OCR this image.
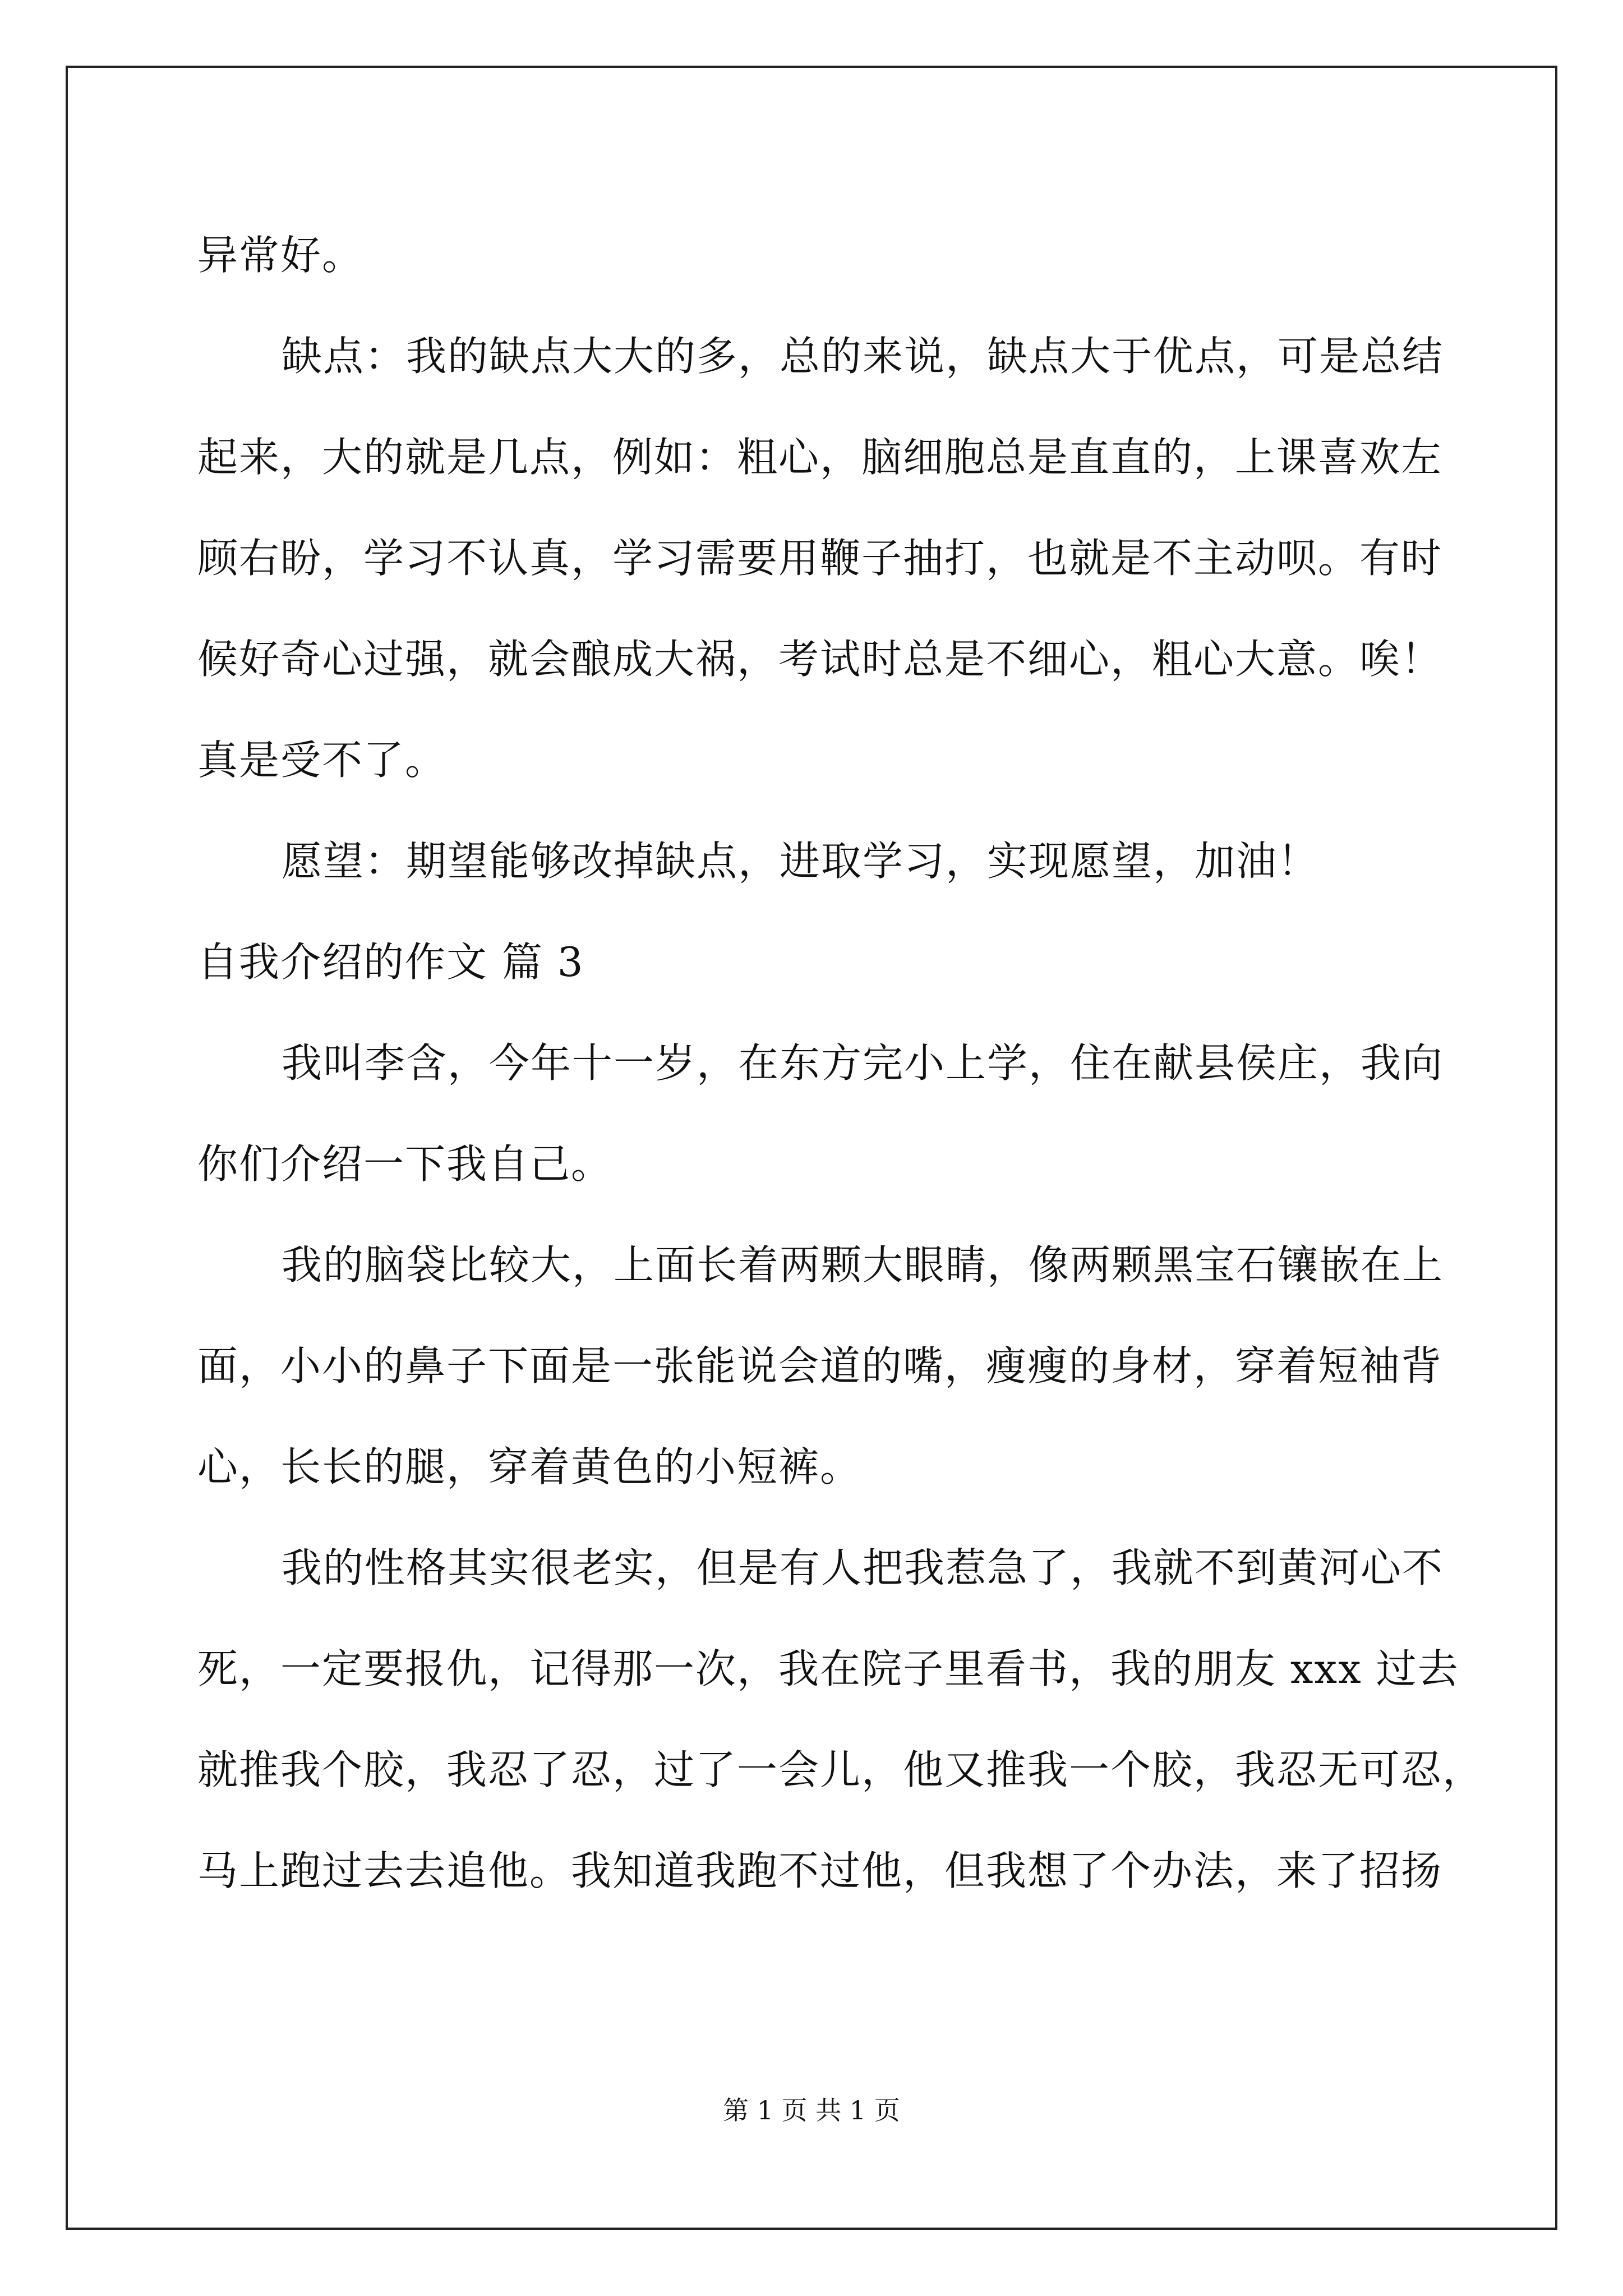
异常好。
缺点：我的缺点大大的多，总的来说，缺点大于优点，可是总结
起来，大的就是几点，例如：粗心，脑细胞总是直直的，上课喜欢左
顾右盼，学习不认真，学习需要用鞭子抽打，也就是不主动呗。有时
候好奇心过强，就会酿成大祸，考试时总是不细心，粗心大意。唉！
真是受不了。
愿望：期望能够改掉缺点，进取学习，实现愿望，加油！
自我介绍的作文 篇 3
我叫李含，今年十一岁，在东方完小上学，住在献县侯庄，我向
你们介绍一下我自己。
我的脑袋比较大，上面长着两颗大眼睛，像两颗黑宝石镶嵌在上
面，小小的鼻子下面是一张能说会道的嘴，瘦瘦的身材，穿着短袖背
心，长长的腿，穿着黄色的小短裤。
我的性格其实很老实，但是有人把我惹急了，我就不到黄河心不
死，一定要报仇，记得那一次，我在院子里看书，我的朋友 xxx 过去
就推我个胶，我忍了忍，过了一会儿，他又推我一个胶，我忍无可忍，
马上跑过去去追他。我知道我跑不过他，但我想了个办法，来了招扬
第 1 页 共 1 页
